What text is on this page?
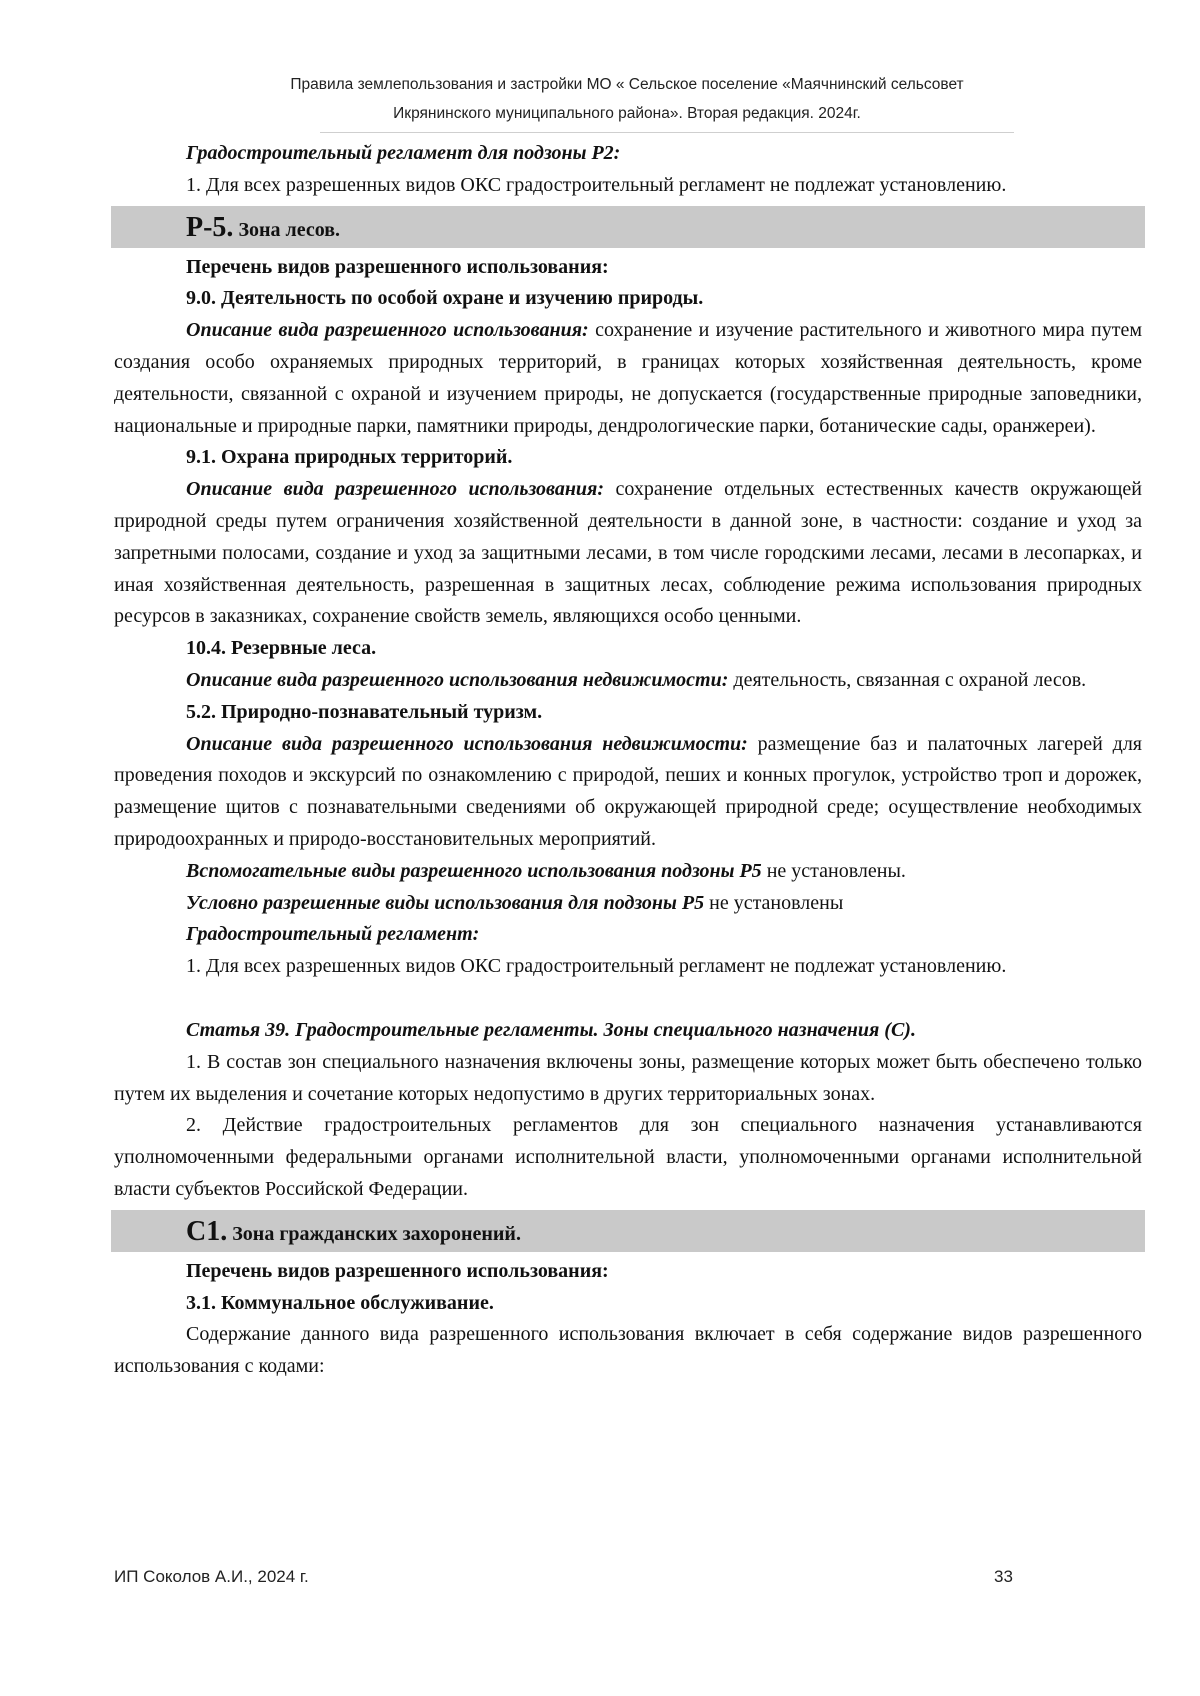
Правила землепользования и застройки МО « Сельское поселение «Маячнинский сельсовет
Икрянинского муниципального района». Вторая редакция. 2024г.

Градостроительный регламент для подзоны Р2:

1. Для всех разрешенных видов ОКС градостроительный регламент не подлежат установлению.

Р-5. Зона лесов.

Перечень видов разрешенного использования:

9.0. Деятельность по особой охране и изучению природы.

Описание вида разрешенного использования: сохранение и изучение растительного и животного мира путем создания особо охраняемых природных территорий, в границах которых хозяйственная деятельность, кроме деятельности, связанной с охраной и изучением природы, не допускается (государственные природные заповедники, национальные и природные парки, памятники природы, дендрологические парки, ботанические сады, оранжереи).

9.1. Охрана природных территорий.

Описание вида разрешенного использования: сохранение отдельных естественных качеств окружающей природной среды путем ограничения хозяйственной деятельности в данной зоне, в частности: создание и уход за запретными полосами, создание и уход за защитными лесами, в том числе городскими лесами, лесами в лесопарках, и иная хозяйственная деятельность, разрешенная в защитных лесах, соблюдение режима использования природных ресурсов в заказниках, сохранение свойств земель, являющихся особо ценными.

10.4. Резервные леса.

Описание вида разрешенного использования недвижимости: деятельность, связанная с охраной лесов.

5.2. Природно-познавательный туризм.

Описание вида разрешенного использования недвижимости: размещение баз и палаточных лагерей для проведения походов и экскурсий по ознакомлению с природой, пеших и конных прогулок, устройство троп и дорожек, размещение щитов с познавательными сведениями об окружающей природной среде; осуществление необходимых природоохранных и природо-восстановительных мероприятий.

Вспомогательные виды разрешенного использования подзоны Р5 не установлены.

Условно разрешенные виды использования для подзоны Р5 не установлены

Градостроительный регламент:

1. Для всех разрешенных видов ОКС градостроительный регламент не подлежат установлению.

Статья 39. Градостроительные регламенты. Зоны специального назначения (С).

1. В состав зон специального назначения включены зоны, размещение которых может быть обеспечено только путем их выделения и сочетание которых недопустимо в других территориальных зонах.

2. Действие градостроительных регламентов для зон специального назначения устанавливаются уполномоченными федеральными органами исполнительной власти, уполномоченными органами исполнительной власти субъектов Российской Федерации.

С1. Зона гражданских захоронений.

Перечень видов разрешенного использования:

3.1. Коммунальное обслуживание.

Содержание данного вида разрешенного использования включает в себя содержание видов разрешенного использования с кодами:

ИП Соколов А.И., 2024 г.	33
